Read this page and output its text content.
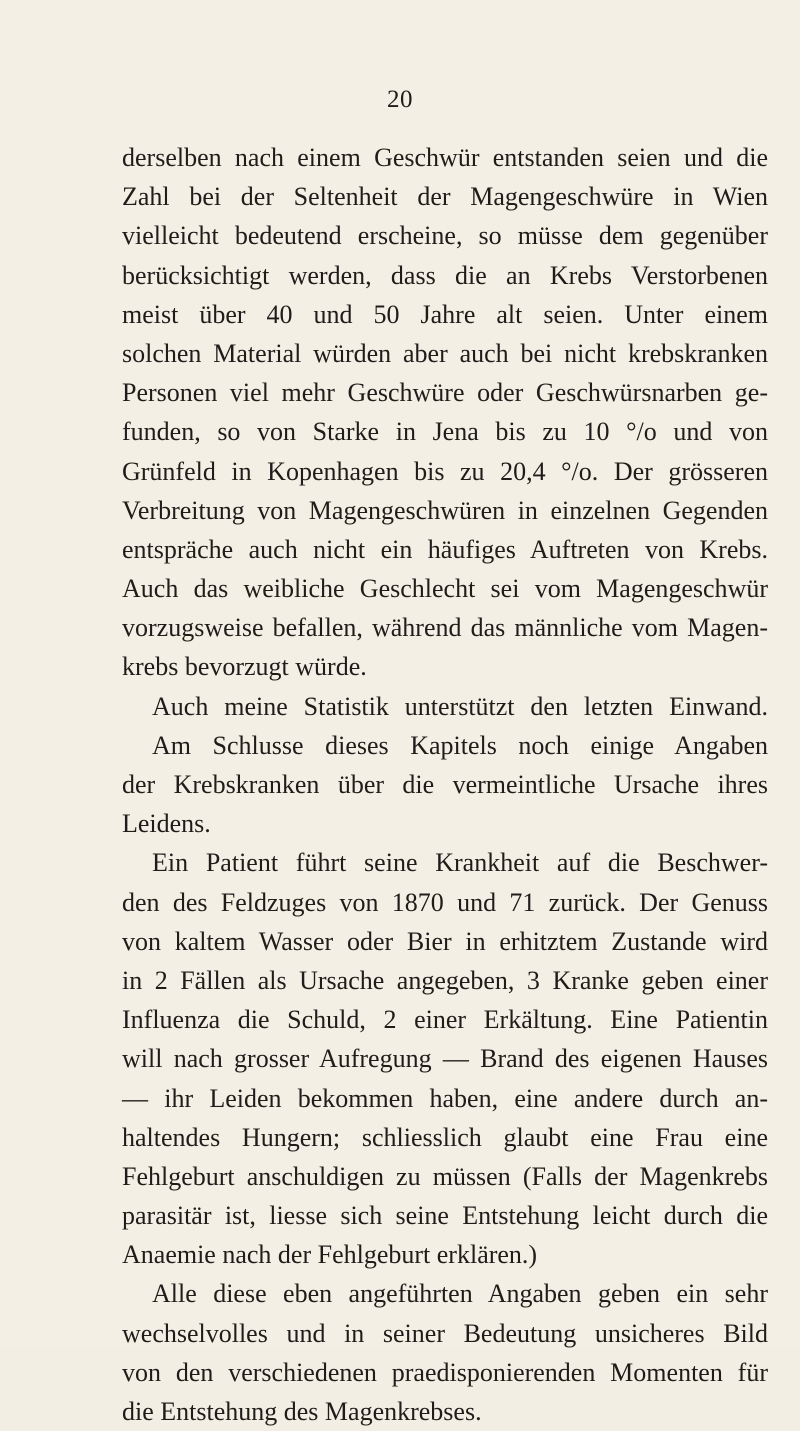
20
derselben nach einem Geschwür entstanden seien und die
Zahl bei der Seltenheit der Magengeschwüre in Wien
vielleicht bedeutend erscheine, so müsse dem gegenüber
berücksichtigt werden, dass die an Krebs Verstorbenen
meist über 40 und 50 Jahre alt seien. Unter einem
solchen Material würden aber auch bei nicht krebskranken
Personen viel mehr Geschwüre oder Geschwürsnarben ge-
funden, so von Starke in Jena bis zu 10 °/o und von
Grünfeld in Kopenhagen bis zu 20,4 °/o. Der grösseren
Verbreitung von Magengeschwüren in einzelnen Gegenden
entspräche auch nicht ein häufiges Auftreten von Krebs.
Auch das weibliche Geschlecht sei vom Magengeschwür
vorzugsweise befallen, während das männliche vom Magen-
krebs bevorzugt würde.
Auch meine Statistik unterstützt den letzten Einwand.
Am Schlusse dieses Kapitels noch einige Angaben
der Krebskranken über die vermeintliche Ursache ihres
Leidens.
Ein Patient führt seine Krankheit auf die Beschwer-
den des Feldzuges von 1870 und 71 zurück. Der Genuss
von kaltem Wasser oder Bier in erhitztem Zustande wird
in 2 Fällen als Ursache angegeben, 3 Kranke geben einer
Influenza die Schuld, 2 einer Erkältung. Eine Patientin
will nach grosser Aufregung — Brand des eigenen Hauses
— ihr Leiden bekommen haben, eine andere durch an-
haltendes Hungern; schliesslich glaubt eine Frau eine
Fehlgeburt anschuldigen zu müssen (Falls der Magenkrebs
parasitär ist, liesse sich seine Entstehung leicht durch die
Anaemie nach der Fehlgeburt erklären.)
Alle diese eben angeführten Angaben geben ein sehr
wechselvolles und in seiner Bedeutung unsicheres Bild
von den verschiedenen praedisponierenden Momenten für
die Entstehung des Magenkrebses.
